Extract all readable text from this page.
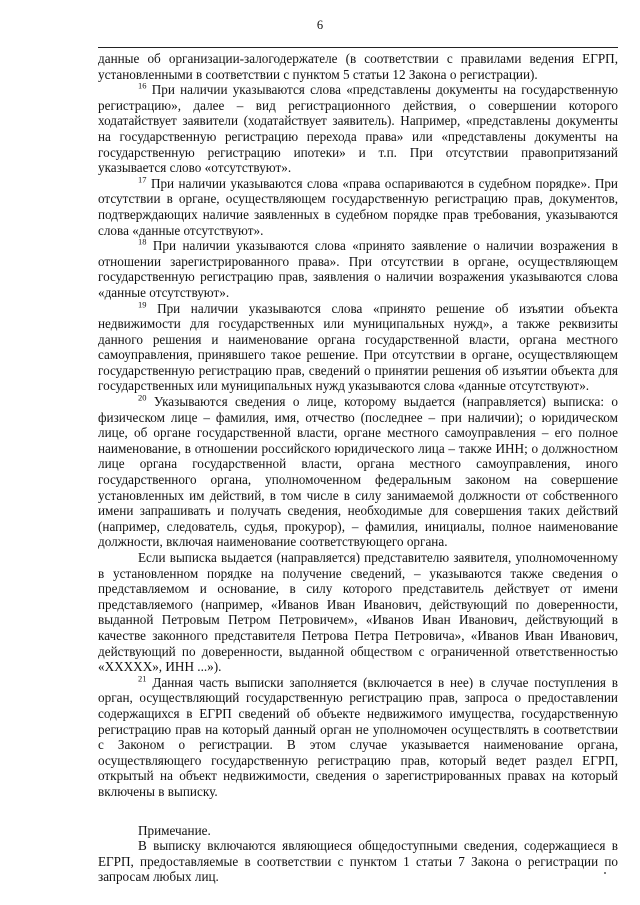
6

данные об организации-залогодержателе (в соответствии с правилами ведения ЕГРП, установленными в соответствии с пунктом 5 статьи 12 Закона о регистрации).

$^{16}$ При наличии указываются слова «представлены документы на государственную регистрацию», далее – вид регистрационного действия, о совершении которого ходатайствует заявители (ходатайствует заявитель). Например, «представлены документы на государственную регистрацию перехода права» или «представлены документы на государственную регистрацию ипотеки» и т.п. При отсутствии правопритязаний указывается слово «отсутствуют».

$^{17}$ При наличии указываются слова «права оспариваются в судебном порядке». При отсутствии в органе, осуществляющем государственную регистрацию прав, документов, подтверждающих наличие заявленных в судебном порядке прав требования, указываются слова «данные отсутствуют».

$^{18}$ При наличии указываются слова «принято заявление о наличии возражения в отношении зарегистрированного права». При отсутствии в органе, осуществляющем государственную регистрацию прав, заявления о наличии возражения указываются слова «данные отсутствуют».

$^{19}$ При наличии указываются слова «принято решение об изъятии объекта недвижимости для государственных или муниципальных нужд», а также реквизиты данного решения и наименование органа государственной власти, органа местного самоуправления, принявшего такое решение. При отсутствии в органе, осуществляющем государственную регистрацию прав, сведений о принятии решения об изъятии объекта для государственных или муниципальных нужд указываются слова «данные отсутствуют».

$^{20}$ Указываются сведения о лице, которому выдается (направляется) выписка: о физическом лице – фамилия, имя, отчество (последнее – при наличии); о юридическом лице, об органе государственной власти, органе местного самоуправления – его полное наименование, в отношении российского юридического лица – также ИНН; о должностном лице органа государственной власти, органа местного самоуправления, иного государственного органа, уполномоченном федеральным законом на совершение установленных им действий, в том числе в силу занимаемой должности от собственного имени запрашивать и получать сведения, необходимые для совершения таких действий (например, следователь, судья, прокурор), – фамилия, инициалы, полное наименование должности, включая наименование соответствующего органа.

Если выписка выдается (направляется) представителю заявителя, уполномоченному в установленном порядке на получение сведений, – указываются также сведения о представляемом и основание, в силу которого представитель действует от имени представляемого (например, «Иванов Иван Иванович, действующий по доверенности, выданной Петровым Петром Петровичем», «Иванов Иван Иванович, действующий в качестве законного представителя Петрова Петра Петровича», «Иванов Иван Иванович, действующий по доверенности, выданной обществом с ограниченной ответственностью «XXXXX», ИНН ...»).

$^{21}$ Данная часть выписки заполняется (включается в нее) в случае поступления в орган, осуществляющий государственную регистрацию прав, запроса о предоставлении содержащихся в ЕГРП сведений об объекте недвижимого имущества, государственную регистрацию прав на который данный орган не уполномочен осуществлять в соответствии с Законом о регистрации. В этом случае указывается наименование органа, осуществляющего государственную регистрацию прав, который ведет раздел ЕГРП, открытый на объект недвижимости, сведения о зарегистрированных правах на который включены в выписку.

Примечание.

В выписку включаются являющиеся общедоступными сведения, содержащиеся в ЕГРП, предоставляемые в соответствии с пунктом 1 статьи 7 Закона о регистрации по запросам любых лиц.
